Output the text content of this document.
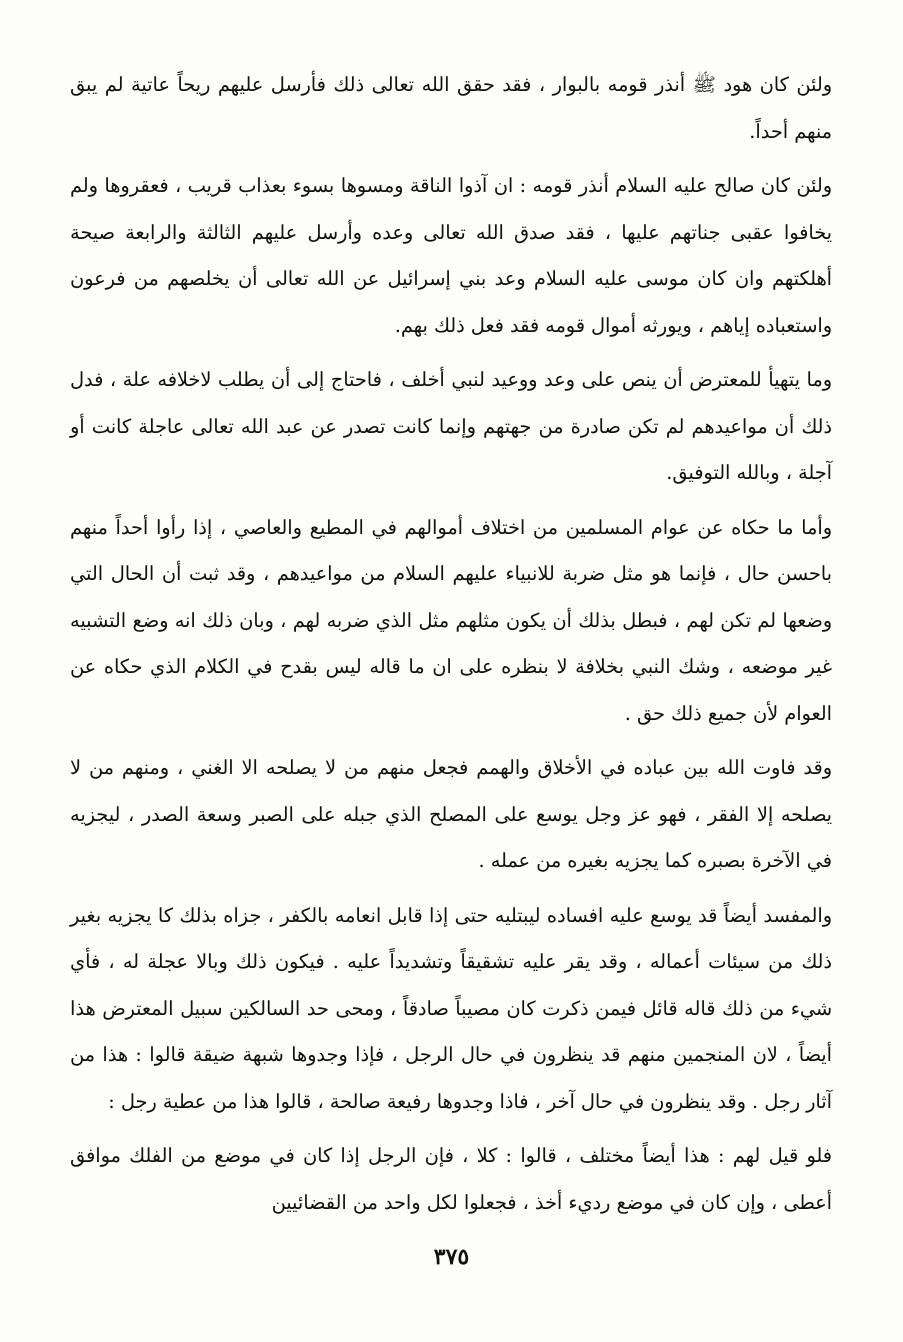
ولئن كان هود ﷺ أنذر قومه بالبوار ، فقد حقق الله تعالى ذلك فأرسل عليهم ريحاً عاتية لم يبق منهم أحداً.

ولئن كان صالح عليه السلام أنذر قومه : ان آذوا الناقة ومسوها بسوء بعذاب قريب ، فعقروها ولم يخافوا عقبى جناتهم عليها ، فقد صدق الله تعالى وعده وأرسل عليهم الثالثة والرابعة صيحة أهلكتهم وان كان موسى عليه السلام وعد بني إسرائيل عن الله تعالى أن يخلصهم من فرعون واستعباده إياهم ، ويورثه أموال قومه فقد فعل ذلك بهم.

وما يتهيأ للمعترض أن ينص على وعد ووعيد لنبي أخلف ، فاحتاج إلى أن يطلب لاخلافه علة ، فدل ذلك أن مواعيدهم لم تكن صادرة من جهتهم وإنما كانت تصدر عن عبد الله تعالى عاجلة كانت أو آجلة ، وبالله التوفيق.

وأما ما حكاه عن عوام المسلمين من اختلاف أموالهم في المطيع والعاصي ، إذا رأوا أحداً منهم باحسن حال ، فإنما هو مثل ضربة للانبياء عليهم السلام من مواعيدهم ، وقد ثبت أن الحال التي وضعها لم تكن لهم ، فبطل بذلك أن يكون مثلهم مثل الذي ضربه لهم ، وبان ذلك انه وضع التشبيه غير موضعه ، وشك النبي بخلافة لا بنظره على ان ما قاله ليس بقدح في الكلام الذي حكاه عن العوام لأن جميع ذلك حق .

وقد فاوت الله بين عباده في الأخلاق والهمم فجعل منهم من لا يصلحه الا الغني ، ومنهم من لا يصلحه إلا الفقر ، فهو عز وجل يوسع على المصلح الذي جبله على الصبر وسعة الصدر ، ليجزيه في الآخرة بصبره كما يجزيه بغيره من عمله .

والمفسد أيضاً قد يوسع عليه افساده ليبتليه حتى إذا قابل انعامه بالكفر ، جزاه بذلك كا يجزيه بغير ذلك من سيئات أعماله ، وقد يقر عليه تشقيقاً وتشديداً عليه . فيكون ذلك وبالا عجلة له ، فأي شيء من ذلك قاله قائل فيمن ذكرت كان مصيباً صادقاً ، ومحى حد السالكين سبيل المعترض هذا أيضاً ، لان المنجمين منهم قد ينظرون في حال الرجل ، فإذا وجدوها شبهة ضيقة قالوا : هذا من آثار رجل . وقد ينظرون في حال آخر ، فاذا وجدوها رفيعة صالحة ، قالوا هذا من عطية رجل :

فلو قيل لهم : هذا أيضاً مختلف ، قالوا : كلا ، فإن الرجل إذا كان في موضع من الفلك موافق أعطى ، وإن كان في موضع رديء أخذ ، فجعلوا لكل واحد من القضائيين

٣٧٥
